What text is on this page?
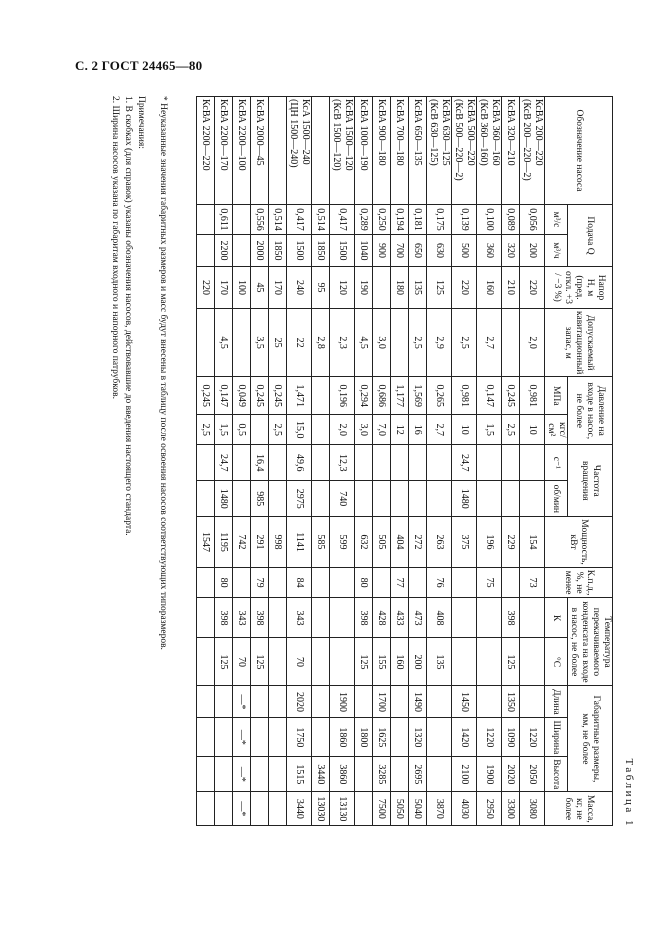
С. 2 ГОСТ 24465—80
Таблица 1
Обозначение насоса	Подача Q		Напор H, м (пред. откл. +3 / −3 %)	Допускаемый кавитационный запас, м	Давление на входе в насос, не более		Частота вращения		Мощность, кВт	К.п.д., %, не менее	Температура перекачиваемого конденсата на входе в насос, не более		Габаритные размеры, мм, не более			Масса, кг, не более
	м³/с	м³/ч			МПа	кгс/см²	с⁻¹	об/мин			К	°С	Длина	Ширина	Высота	

КсВА 200—220
(КсВ 200—220—2)	0,056	200	220	2,0	0,981	10			154	73				1220	2050	3080

КсВА 320—210	0,089	320	210		0,245	2,5			229		398	125	1350	1090	2020	3300

КсВА 360—160
(КсВ 360—160)	0,100	360	160	2,7	0,147	1,5			196	75				1220	1900	2950

КсВА 500—220
(КсВ 500—220—2)	0,139	500	220	2,5	0,981	10	24,7	1480	375				1450	1420	2100	4030

КсВА 630—125
(КсВ 630—125)	0,175	630	125	2,9	0,265	2,7			263	76	408	135				3870

КсВА 650—135	0,181	650	135	2,5	1,569	16			272		473	200	1490	1320	2695	5040

КсВА 700—180	0,194	700	180		1,177	12			404	77	433	160				5050

КсВА 900—180	0,250	900		3,0	0,686	7,0			505		428	155	1700	1625	3285	7500

КсВА 1000—190	0,289	1040	190	4,5	0,294	3,0			632	80	398	125		1800		

КсВА 1500—120
(КсВ 1500—120)	0,417	1500	120	2,3	0,196	2,0	12,3	740	599				1900	1860	3860	13130

	0,514	1850	95	2,8					585						3440	13030

КсА 1500—240
(ЦН 1500—240)	0,417	1500	240	22	1,471	15,0	49,6	2975	1141	84	343	70	2020	1750	1515	3440

	0,514	1850	170	25	0,245	2,5			998							

КсВА 2000—45	0,556	2000	45	3,5	0,245		16,4	985	291	79	398	125				

КсВА 2200—100			100		0,049	0,5			742		343	70	—*	—*	—*	—*

КсВА 2200—170	0,611	2200	170	4,5	0,147	1,5	24,7	1480	1195	80	398	125				

КсВА 2200—220			220		0,245	2,5			1547							
* Неуказанные значения габаритных размеров и масс будут внесены в таблицу после освоения насосов соответствующих типоразмеров.
Примечания:
1. В скобках (для справок) указаны обозначения насосов, действовавшие до введения настоящего стандарта.
2. Ширина насосов указана по габаритам входного и напорного патрубков.
